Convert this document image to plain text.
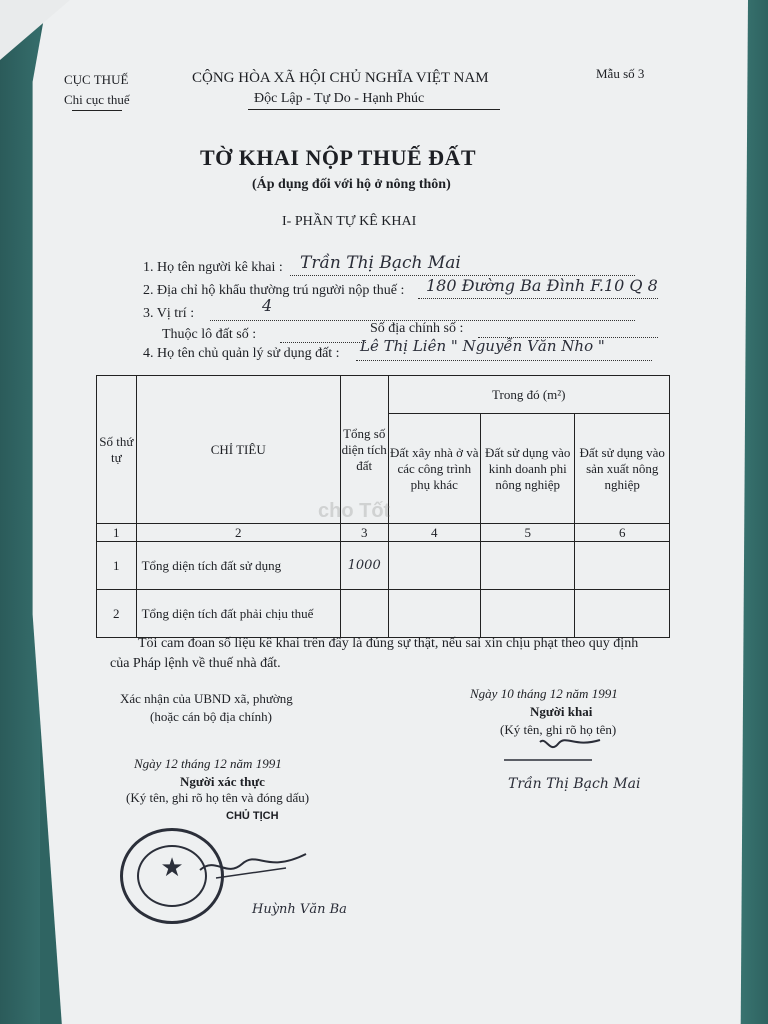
CỤC THUẾ
Chi cục thuế
CỘNG HÒA XÃ HỘI CHỦ NGHĨA VIỆT NAM
Độc Lập - Tự Do - Hạnh Phúc
Mẫu số 3
TỜ KHAI NỘP THUẾ ĐẤT
(Áp dụng đối với hộ ở nông thôn)
I- PHẦN TỰ KÊ KHAI
1. Họ tên người kê khai : Trần Thị Bạch Mai
2. Địa chỉ hộ khẩu thường trú người nộp thuế : 180 Đường Ba Đình F.10 Q 8
3. Vị trí :	4
Thuộc lô đất số :	Số địa chính số :
4. Họ tên chủ quản lý sử dụng đất : Lê Thị Liên " Nguyễn Văn Nho "
Số thứ tự	CHỈ TIÊU	Tổng số diện tích đất	Trong đó (m²)		
			Đất xây nhà ở và các công trình phụ khác	Đất sử dụng vào kinh doanh phi nông nghiệp	Đất sử dụng vào sản xuất nông nghiệp
1	2	3	4	5	6
1	Tổng diện tích đất sử dụng	1000			
2	Tổng diện tích đất phải chịu thuế				
cho Tốt
Tôi cam đoan số liệu kê khai trên đây là đúng sự thật, nếu sai xin chịu phạt theo quy định
của Pháp lệnh về thuế nhà đất.
Xác nhận của UBND xã, phường
(hoặc cán bộ địa chính)
Ngày 12 tháng 12 năm 1991
Người xác thực
(Ký tên, ghi rõ họ tên và đóng dấu)
CHỦ TỊCH
★
Huỳnh Văn Ba
Ngày 10 tháng 12 năm 1991
Người khai
(Ký tên, ghi rõ họ tên)
Trần Thị Bạch Mai
